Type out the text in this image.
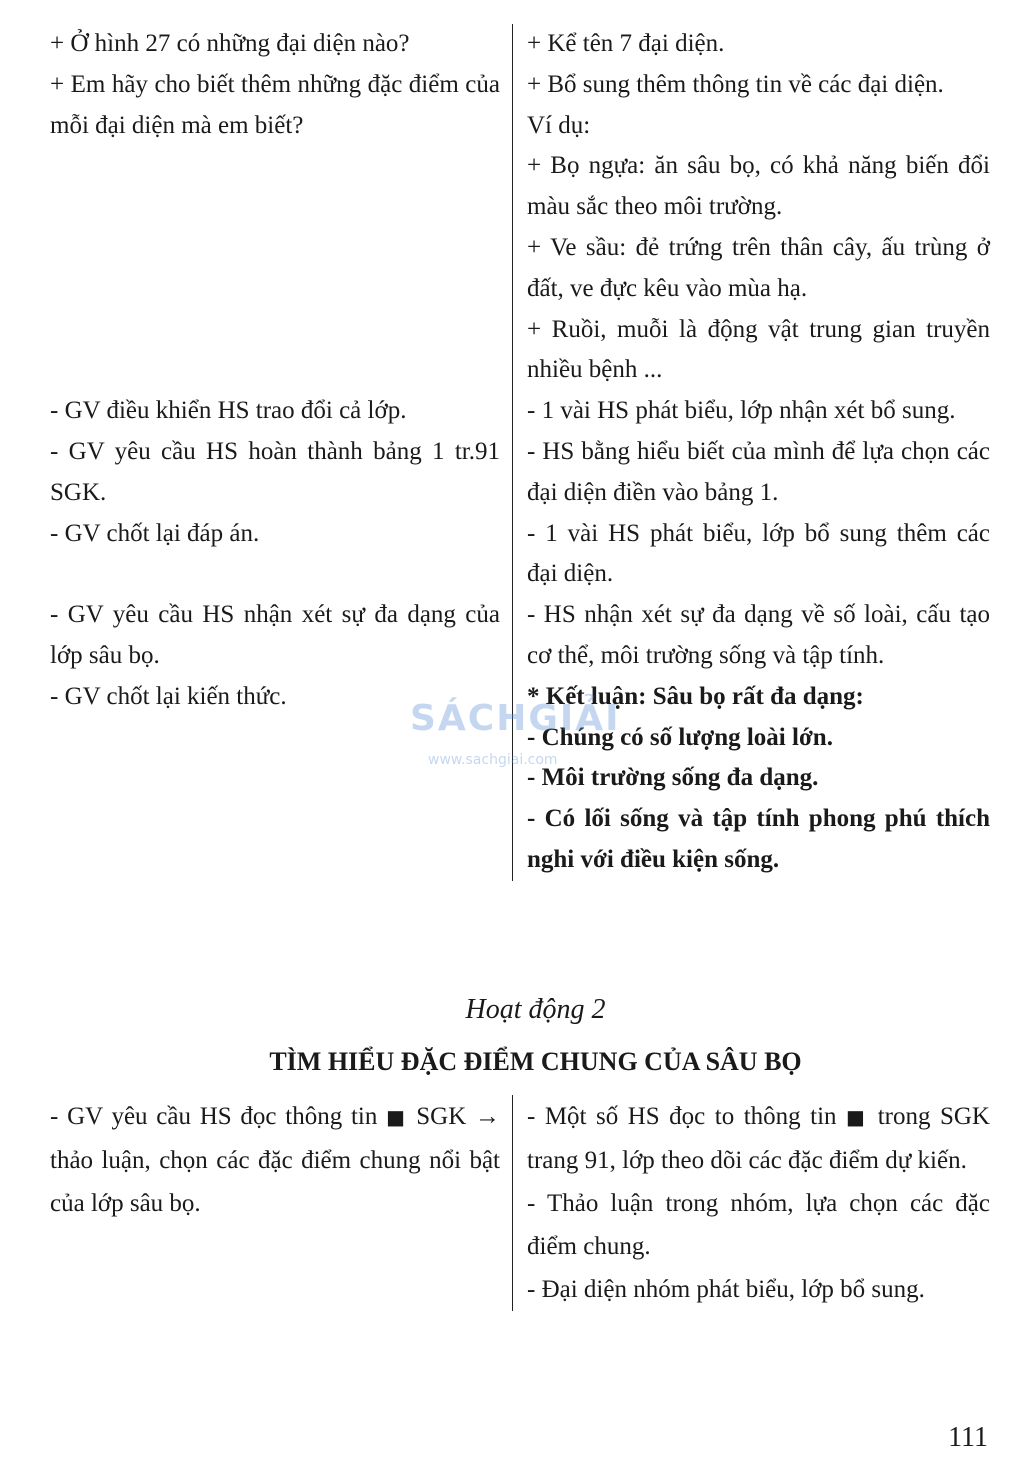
+ Ở hình 27 có những đại diện nào?

+ Em hãy cho biết thêm những đặc điểm của mỗi đại diện mà em biết?

+ Kể tên 7 đại diện.

+ Bổ sung thêm thông tin về các đại diện.

Ví dụ:

+ Bọ ngựa: ăn sâu bọ, có khả năng biến đổi màu sắc theo môi trường.

+ Ve sầu: đẻ trứng trên thân cây, ấu trùng ở đất, ve đực kêu vào mùa hạ.

+ Ruồi, muỗi là động vật trung gian truyền nhiều bệnh ...

- GV điều khiển HS trao đổi cả lớp.	- 1 vài HS phát biểu, lớp nhận xét bổ sung.

- GV yêu cầu HS hoàn thành bảng 1 tr.91 SGK.

- GV chốt lại đáp án.

- HS bằng hiểu biết của mình để lựa chọn các đại diện điền vào bảng 1.

- 1 vài HS phát biểu, lớp bổ sung thêm các đại diện.

- GV yêu cầu HS nhận xét sự đa dạng của lớp sâu bọ.

- GV chốt lại kiến thức.

- HS nhận xét sự đa dạng về số loài, cấu tạo cơ thể, môi trường sống và tập tính.

* Kết luận: Sâu bọ rất đa dạng:

- Chúng có số lượng loài lớn.

- Môi trường sống đa dạng.

- Có lối sống và tập tính phong phú thích nghi với điều kiện sống.

SÁCHGIẢI
www.sachgiai.com
Hoạt động 2
TÌM HIỂU ĐẶC ĐIỂM CHUNG CỦA SÂU BỌ

- GV yêu cầu HS đọc thông tin ■ SGK → thảo luận, chọn các đặc điểm chung nổi bật của lớp sâu bọ.

- Một số HS đọc to thông tin ■ trong SGK trang 91, lớp theo dõi các đặc điểm dự kiến.

- Thảo luận trong nhóm, lựa chọn các đặc điểm chung.

- Đại diện nhóm phát biểu, lớp bổ sung.

111
